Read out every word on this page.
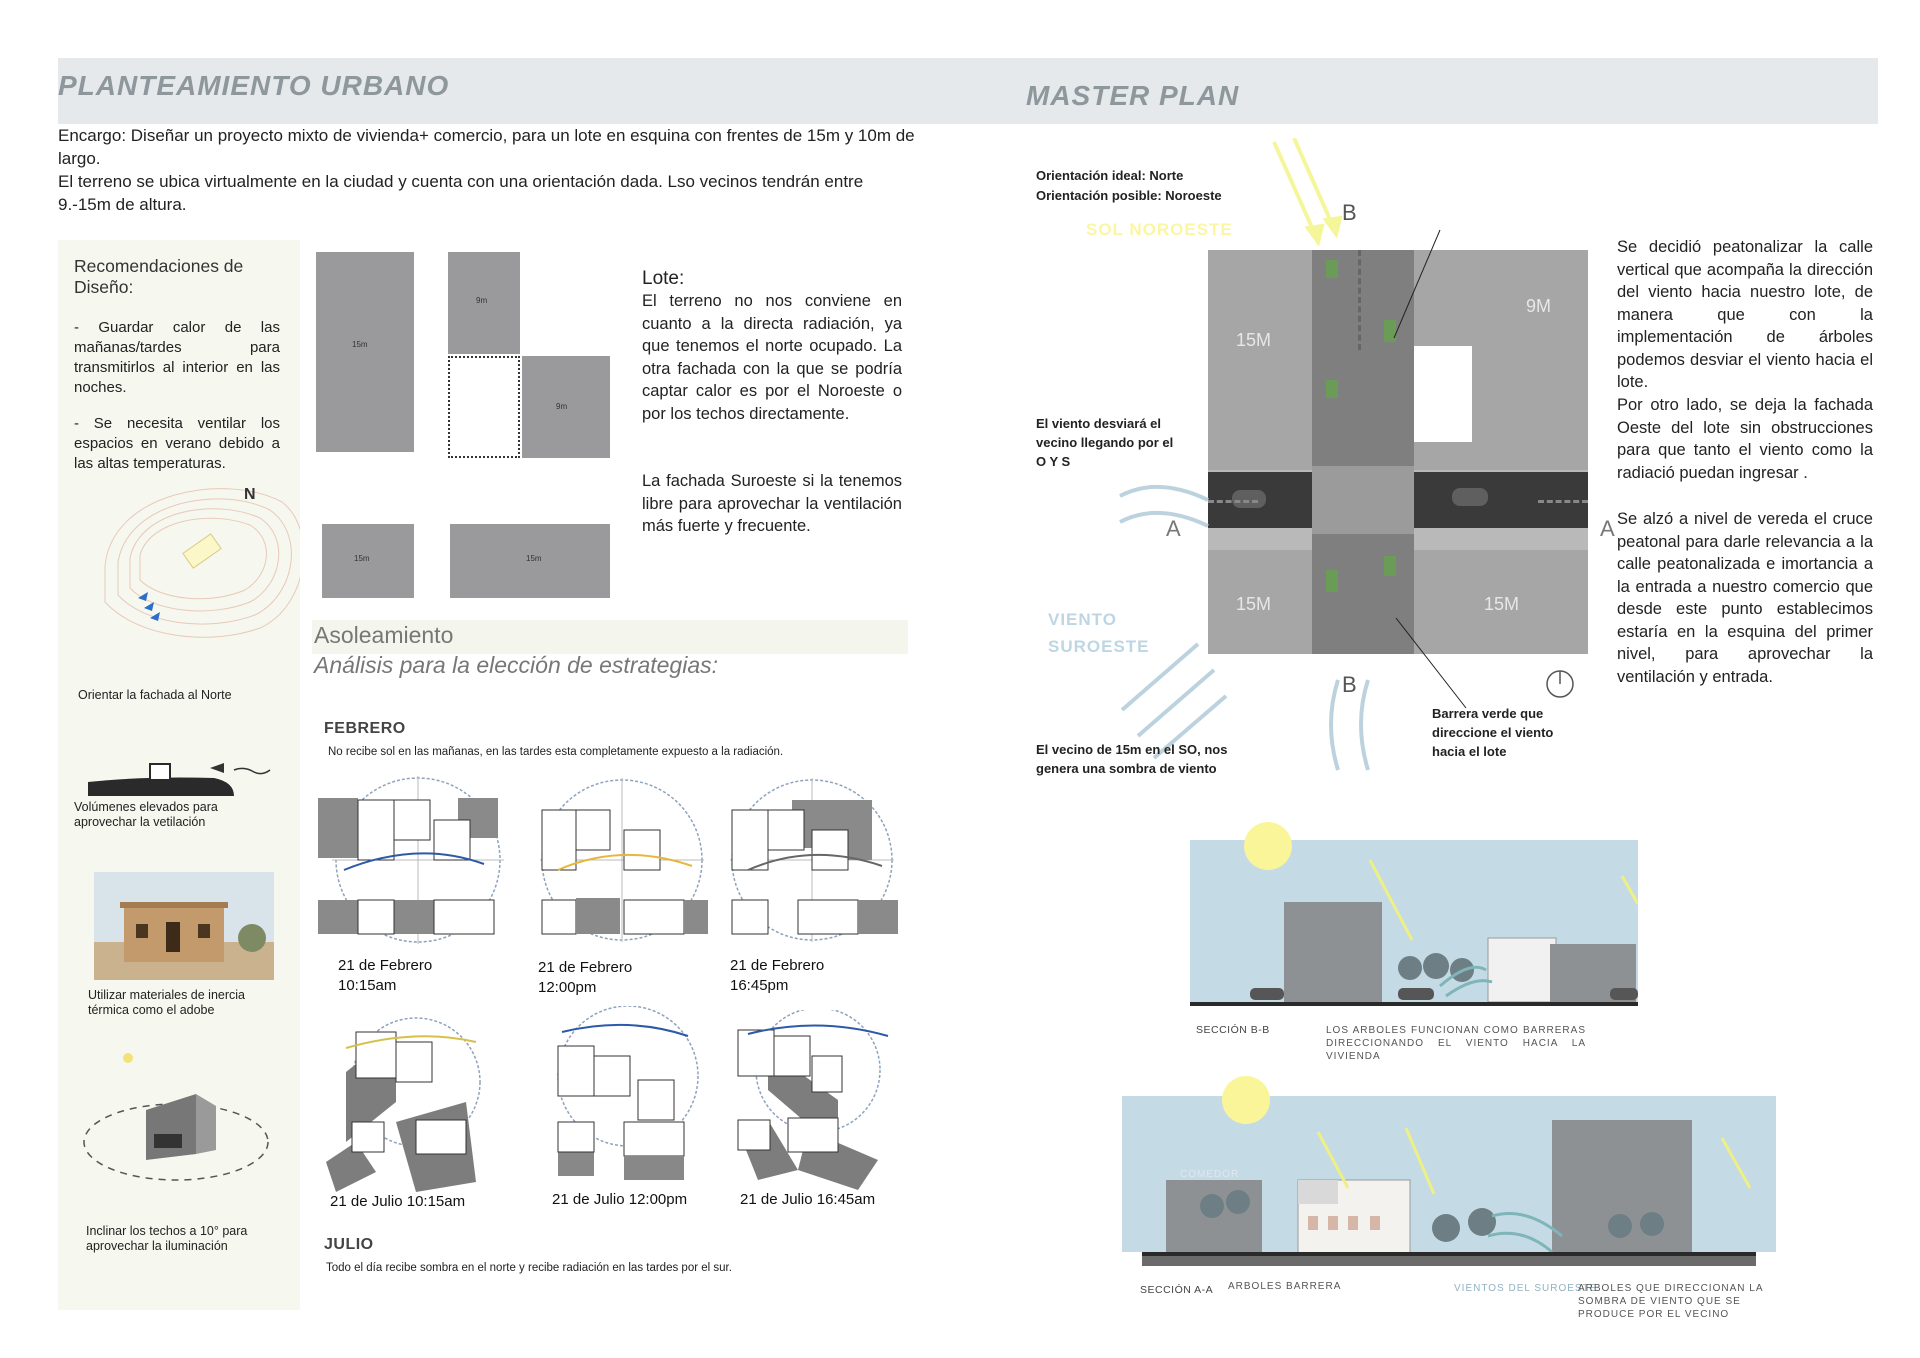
PLANTEAMIENTO URBANO	MASTER PLAN
Encargo: Diseñar un proyecto mixto de vivienda+ comercio, para un lote en esquina con frentes de 15m y 10m de largo.
El terreno se ubica virtualmente en la ciudad y cuenta con una orientación dada. Lso vecinos tendrán entre 9.-15m de altura.
Recomendaciones de Diseño:
- Guardar calor de las mañanas/tardes para transmitirlos al interior en las noches.
- Se necesita ventilar los espacios en verano debido a las altas temperaturas.
N
Orientar la fachada al Norte
Volúmenes elevados para aprovechar la vetilación
Utilizar materiales de inercia térmica como el adobe
Inclinar los techos a 10° para aprovechar la iluminación
15m
9m
9m
15m	15m
Lote:
El terreno no nos conviene en cuanto a la directa radiación, ya que tenemos el norte ocupado. La otra fachada con la que se podría captar calor es por el Noroeste o por los techos directamente.
La fachada Suroeste si la tenemos libre para aprovechar la ventilación más fuerte y frecuente.
Asoleamiento
Análisis para la elección de estrategias:
FEBRERO
No recibe sol en las mañanas, en las tardes esta completamente expuesto a la radiación.
21 de Febrero
10:15am
21 de Febrero
12:00pm
21 de Febrero
16:45pm
21 de Julio 10:15am	21 de Julio 12:00pm	21 de Julio 16:45am
JULIO
Todo el día recibe sombra en el norte y recibe radiación en las tardes por el sur.
Orientación ideal: Norte
Orientación posible: Noroeste
SOL NOROESTE
15M
9M
15M	15M
B
B
A	A
El viento desviará el vecino llegando por el O Y S
VIENTO
SUROESTE
El vecino de 15m en el SO, nos genera una sombra de viento
Barrera verde que direccione el viento hacia el lote
Se decidió peatonalizar la calle vertical que acompaña la dirección del viento hacia nuestro lote, de manera que con la implementación de árboles podemos desviar el viento hacia el lote.
Por otro lado, se deja la fachada Oeste del lote sin obstrucciones para que tanto el viento como la radiació puedan ingresar .
Se alzó a nivel de vereda el cruce peatonal para darle relevancia a la calle peatonalizada e imortancia a la entrada a nuestro comercio que desde este punto establecimos estaría en la esquina del primer nivel, para aprovechar la ventilación y entrada.
SECCIÓN B-B	LOS ARBOLES FUNCIONAN COMO BARRERAS DIRECCIONANDO EL VIENTO HACIA LA VIVIENDA
COMEDOR
SECCIÓN A-A ARBOLES BARRERA	VIENTOS DEL SUROESTE
ARBOLES QUE DIRECCIONAN LA SOMBRA DE VIENTO QUE SE PRODUCE POR EL VECINO
